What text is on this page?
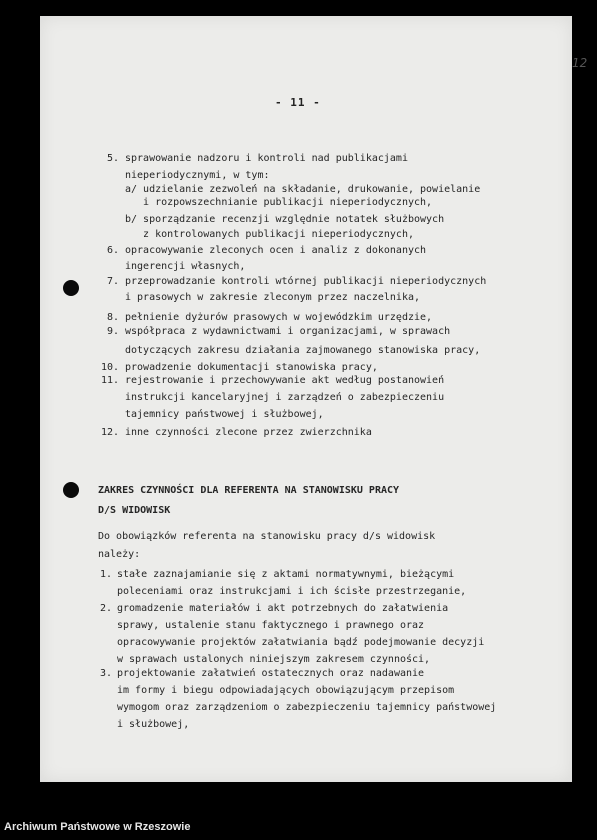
- 11 -
12
5. sprawowanie nadzoru i kontroli nad publikacjami
nieperiodycznymi, w tym:
a/ udzielanie zezwoleń na składanie, drukowanie, powielanie
i rozpowszechnianie publikacji nieperiodycznych,
b/ sporządzanie recenzji względnie notatek służbowych
z kontrolowanych publikacji nieperiodycznych,
6. opracowywanie zleconych ocen i analiz z dokonanych
ingerencji własnych,
7. przeprowadzanie kontroli wtórnej publikacji nieperiodycznych
i prasowych w zakresie zleconym przez naczelnika,
8. pełnienie dyżurów prasowych w wojewódzkim urzędzie,
9. współpraca z wydawnictwami i organizacjami, w sprawach
dotyczących zakresu działania zajmowanego stanowiska pracy,
10. prowadzenie dokumentacji stanowiska pracy,
11. rejestrowanie i przechowywanie akt według postanowień
instrukcji kancelaryjnej i zarządzeń o zabezpieczeniu
tajemnicy państwowej i służbowej,
12. inne czynności zlecone przez zwierzchnika
ZAKRES CZYNNOŚCI DLA REFERENTA NA STANOWISKU PRACY
D/S WIDOWISK
Do obowiązków referenta na stanowisku pracy d/s widowisk
należy:
1. stałe zaznajamianie się z aktami normatywnymi, bieżącymi
poleceniami oraz instrukcjami i ich ścisłe przestrzeganie,
2. gromadzenie materiałów i akt potrzebnych do załatwienia
sprawy, ustalenie stanu faktycznego i prawnego oraz
opracowywanie projektów załatwiania bądź podejmowanie decyzji
w sprawach ustalonych niniejszym zakresem czynności,
3. projektowanie załatwień ostatecznych oraz nadawanie
im formy i biegu odpowiadających obowiązującym przepisom
wymogom oraz zarządzeniom o zabezpieczeniu tajemnicy państwowej
i służbowej,
Archiwum Państwowe w Rzeszowie
